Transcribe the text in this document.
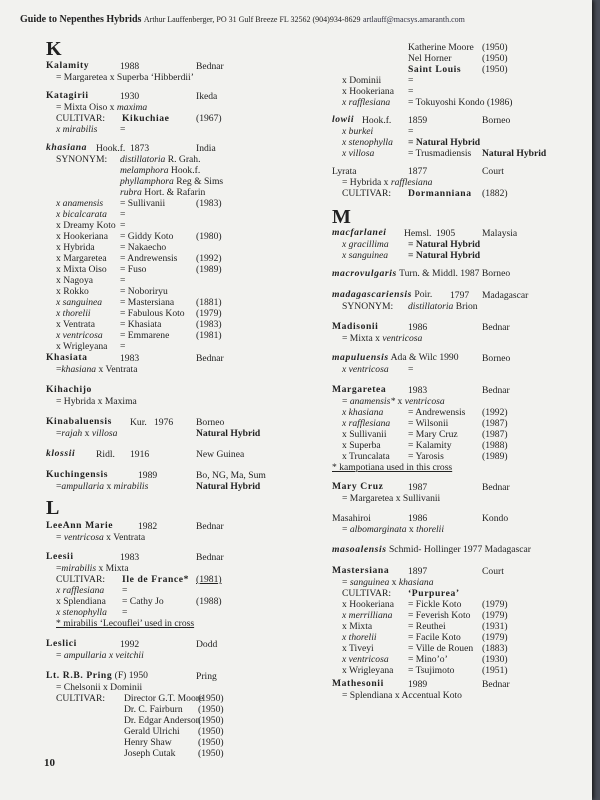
Guide to Nepenthes Hybrids Arthur Lauffenberger, PO 31 Gulf Breeze FL 32562 (904)934-8629 artlauff@macsys.amaranth.com
K
Kalamity	1988	Bednar
= Margaretea x Superba ‘Hibberdii’
Katagirii	1930	Ikeda
= Mixta Oiso x maxima
CULTIVAR: Kikuchiae	(1967)
x mirabilis =
khasiana Hook.f. 1873	India
SYNONYM: distillatoria R. Grah.
melamphora Hook.f.
phyllamphora Reg & Sims
rubra Hort. & Rafarin
x anamensis = Sullivanii	(1983)
x bicalcarata =
x Dreamy Koto =
x Hookeriana = Giddy Koto (1980)
x Hybrida	= Nakaecho
x Margaretea = Andrewensis (1992)
x Mixta Oiso = Fuso	(1989)
x Nagoya	=
x Rokko	= Noboriryu
x sanguinea = Mastersiana (1881)
x thorelii	= Fabulous Koto (1979)
x Ventrata	= Khasiata	(1983)
x ventricosa = Emmarene	(1981)
x Wrigleyana =
Khasiata	1983	Bednar
=khasiana x Ventrata
Kihachijo
= Hybrida x Maxima
Kinabaluensis Kur. 1976 Borneo
=rajah x villosa	Natural Hybrid
klossii Ridl. 1916	New Guinea
Kuchingensis	1989	Bo, NG, Ma, Sum
=ampullaria x mirabilis	Natural Hybrid
L
LeeAnn Marie	1982	Bednar
= ventricosa x Ventrata
Leesii	1983	Bednar
=mirabilis x Mixta
CULTIVAR: Ile de France* (1981)
x rafflesiana =
x Splendiana = Cathy Jo	(1988)
x stenophylla =
* mirabilis ‘Lecouflei’ used in cross
Leslici	1992	Dodd
= ampullaria x veitchii
Lt. R.B. Pring (F) 1950	Pring
= Chelsonii x Dominii
CULTIVAR: Director G.T. Moore
(1950)
Dr. C. Fairburn (1950)
Dr. Edgar Anderson
(1950)
Gerald Ulrichi (1950)
Henry Shaw	(1950)
Joseph Cutak (1950)
10
Katherine Moore (1950)
Nel Horner	(1950)
Saint Louis (1950)
x Dominii	=
x Hookeriana =
x rafflesiana = Tokuyoshi Kondo (1986)
lowii Hook.f. 1859	Borneo
x burkei	=
x stenophylla = Natural Hybrid
x villosa	= Trusmadiensis Natural Hybrid
Lyrata	1877	Court
= Hybrida x rafflesiana
CULTIVAR: Dormanniana (1882)
M
macfarlanei Hemsl. 1905	Malaysia
x gracillima = Natural Hybrid
x sanguinea = Natural Hybrid
macrovulgaris Turn. & Middl. 1987 Borneo
madagascariensis Poir. 1797 Madagascar
SYNONYM: distillatoria Brion
Madisonii	1986	Bednar
= Mixta x ventricosa
mapuluensis Ada & Wilc 1990 Borneo
x ventricosa =
Margaretea 1983	Bednar
= anamensis* x ventricosa
x khasiana	= Andrewensis (1992)
x rafflesiana = Wilsonii	(1987)
x Sullivanii = Mary Cruz	(1987)
x Superba	= Kalamity	(1988)
x Truncalata = Yarosis	(1989)
* kampotiana used in this cross
Mary Cruz	1987	Bednar
= Margaretea x Sullivanii
Masahiroi	1986	Kondo
= albomarginata x thorelii
masoalensis Schmid- Hollinger 1977 Madagascar
Mastersiana 1897	Court
= sanguinea x khasiana
CULTIVAR: ‘Purpurea’
x Hookeriana = Fickle Koto (1979)
x merrilliana = Feverish Koto (1979)
x Mixta	= Reuthei	(1931)
x thorelii	= Facile Koto (1979)
x Tiveyi	= Ville de Rouen (1883)
x ventricosa = Mino’o’	(1930)
x Wrigleyana = Tsujimoto	(1951)
Mathesonii	1989	Bednar
= Splendiana x Accentual Koto
